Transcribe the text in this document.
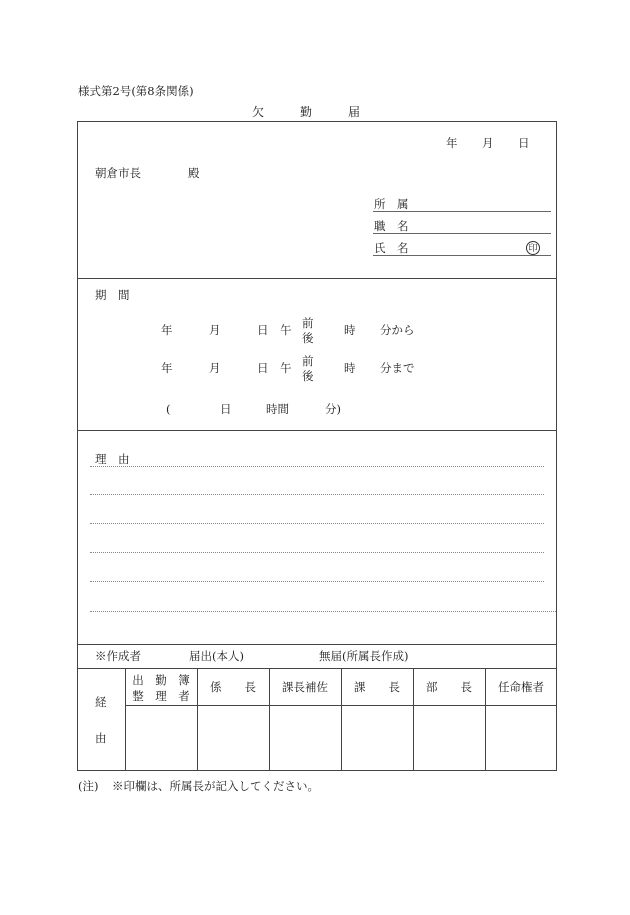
様式第2号(第8条関係)
欠　　　勤　　　届
年 月 日
朝倉市長	殿
所　属
職　名
氏　名	印
期　間
年	月	日 午 前
後
時 分から
年	月	日 午 前
後
時 分まで
(	日	時間	分)
理　由
※作成者	届出(本人)	無届(所属長作成)
経
由
出　勤　簿
整　理　者
係　　長	課長補佐	課　　長	部　　長	任命権者
(注) ※印欄は、所属長が記入してください。
